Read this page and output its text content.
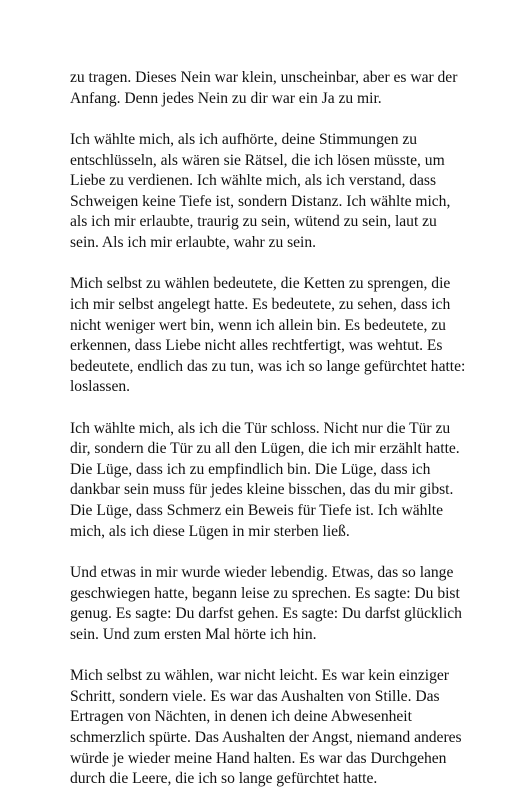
zu tragen. Dieses Nein war klein, unscheinbar, aber es war der
Anfang. Denn jedes Nein zu dir war ein Ja zu mir.
Ich wählte mich, als ich aufhörte, deine Stimmungen zu
entschlüsseln, als wären sie Rätsel, die ich lösen müsste, um
Liebe zu verdienen. Ich wählte mich, als ich verstand, dass
Schweigen keine Tiefe ist, sondern Distanz. Ich wählte mich,
als ich mir erlaubte, traurig zu sein, wütend zu sein, laut zu
sein. Als ich mir erlaubte, wahr zu sein.
Mich selbst zu wählen bedeutete, die Ketten zu sprengen, die
ich mir selbst angelegt hatte. Es bedeutete, zu sehen, dass ich
nicht weniger wert bin, wenn ich allein bin. Es bedeutete, zu
erkennen, dass Liebe nicht alles rechtfertigt, was wehtut. Es
bedeutete, endlich das zu tun, was ich so lange gefürchtet hatte:
loslassen.
Ich wählte mich, als ich die Tür schloss. Nicht nur die Tür zu
dir, sondern die Tür zu all den Lügen, die ich mir erzählt hatte.
Die Lüge, dass ich zu empfindlich bin. Die Lüge, dass ich
dankbar sein muss für jedes kleine bisschen, das du mir gibst.
Die Lüge, dass Schmerz ein Beweis für Tiefe ist. Ich wählte
mich, als ich diese Lügen in mir sterben ließ.
Und etwas in mir wurde wieder lebendig. Etwas, das so lange
geschwiegen hatte, begann leise zu sprechen. Es sagte: Du bist
genug. Es sagte: Du darfst gehen. Es sagte: Du darfst glücklich
sein. Und zum ersten Mal hörte ich hin.
Mich selbst zu wählen, war nicht leicht. Es war kein einziger
Schritt, sondern viele. Es war das Aushalten von Stille. Das
Ertragen von Nächten, in denen ich deine Abwesenheit
schmerzlich spürte. Das Aushalten der Angst, niemand anderes
würde je wieder meine Hand halten. Es war das Durchgehen
durch die Leere, die ich so lange gefürchtet hatte.
